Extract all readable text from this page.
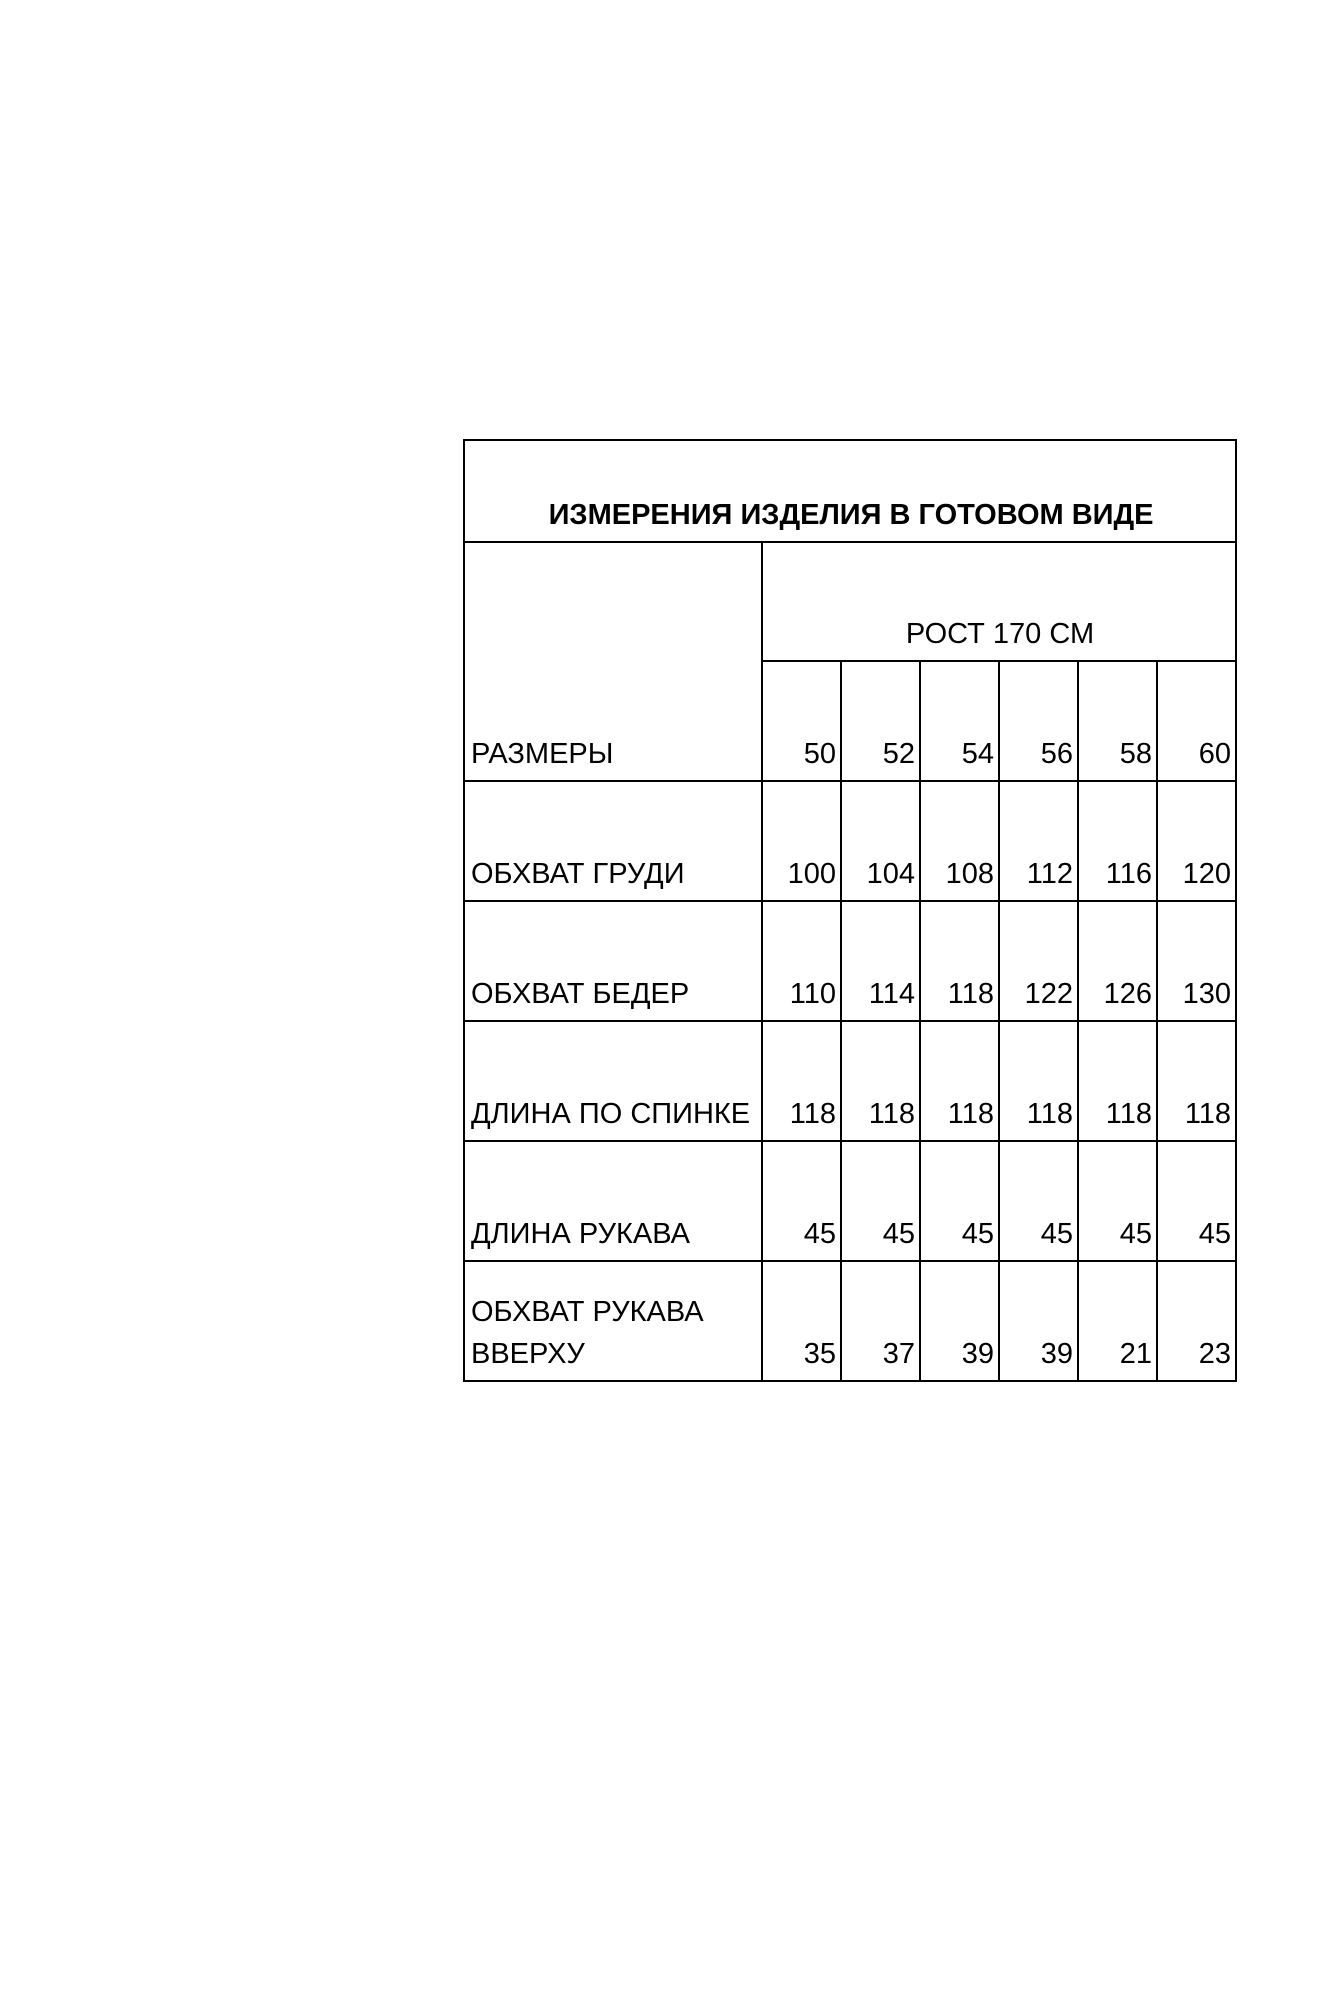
ИЗМЕРЕНИЯ ИЗДЕЛИЯ В ГОТОВОМ ВИДЕ						
РАЗМЕРЫ	РОСТ 170 СМ					
	50	52	54	56	58	60
ОБХВАТ ГРУДИ	100	104	108	112	116	120
ОБХВАТ БЕДЕР	110	114	118	122	126	130
ДЛИНА ПО СПИНКЕ	118	118	118	118	118	118
ДЛИНА РУКАВА	45	45	45	45	45	45

ОБХВАТ РУКАВА
ВВЕРХУ	35	37	39	39	21	23
